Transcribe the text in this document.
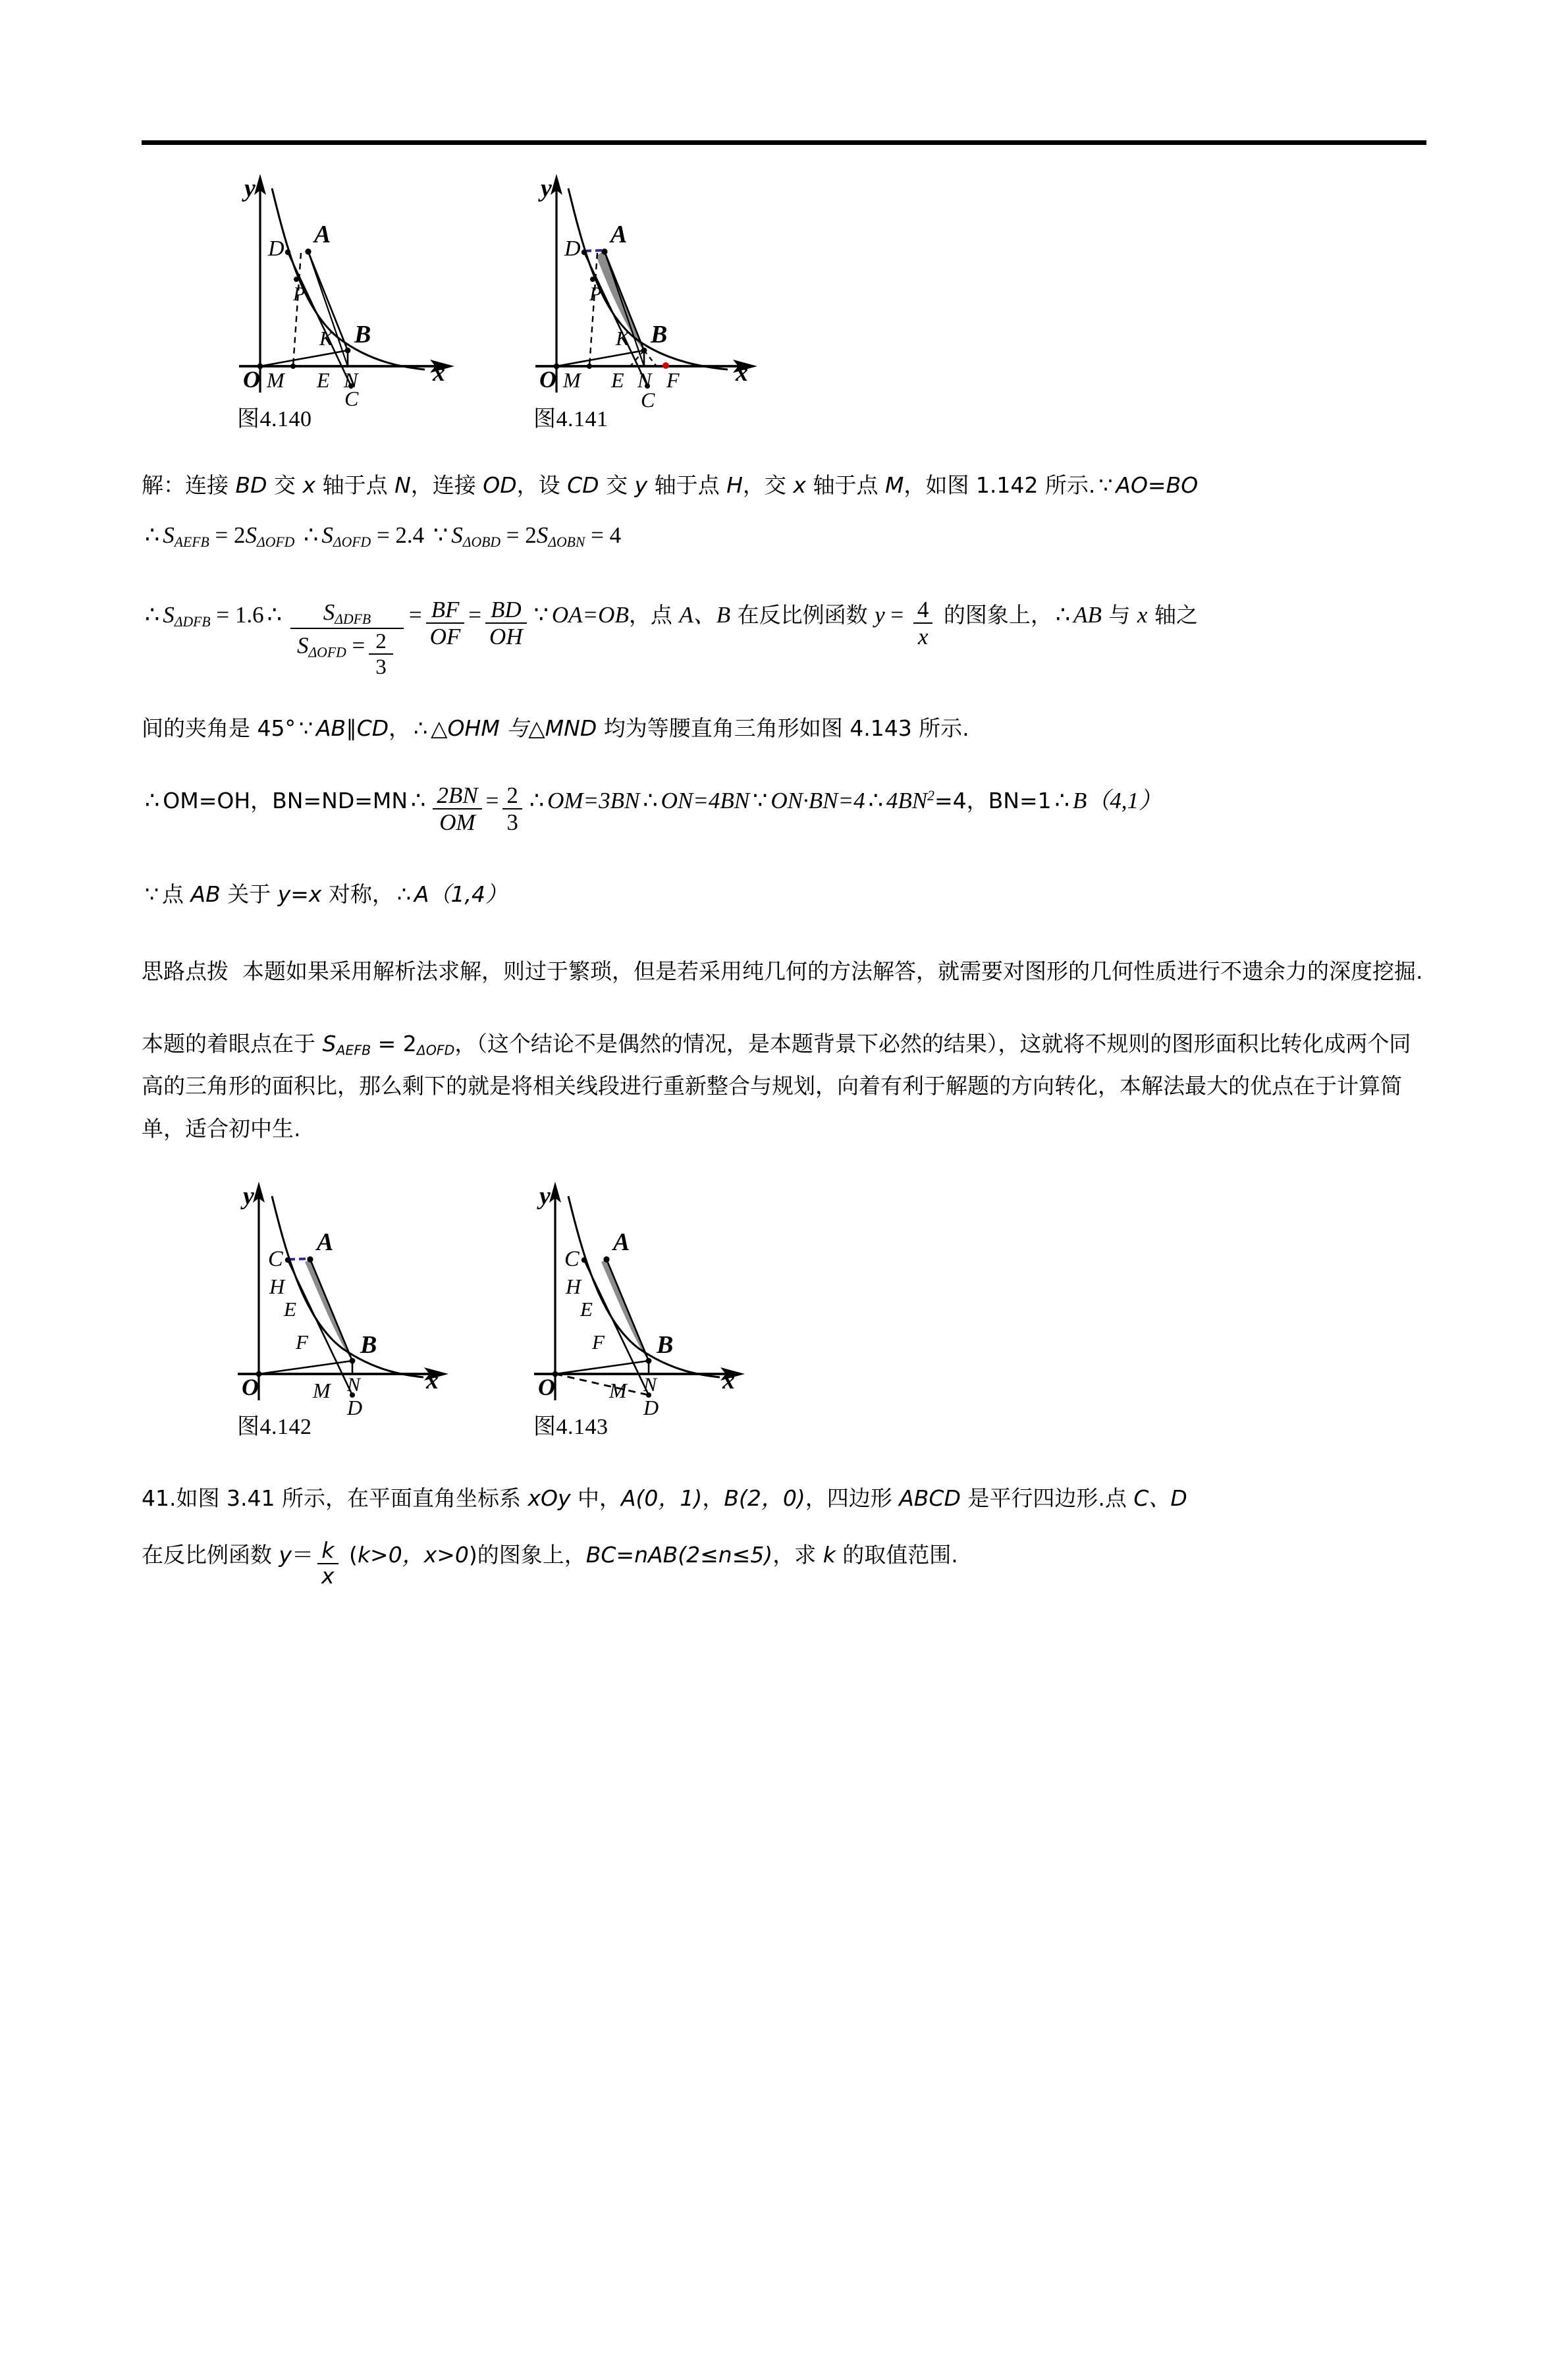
y
x
D
A
P
B
K
O M E N
C
图4.140
y
x
D
A
P
B
K
O M E N F
C
图4.141

解：连接 BD 交 x 轴于点 N，连接 OD，设 CD 交 y 轴于点 H，交 x 轴于点 M，如图 1.142 所示. ∵ AO=BO

∴ $S_{AEFB} = 2S_{\Delta OFD}$ ∴ $S_{\Delta OFD} = 2.4$ ∵ $S_{\Delta OBD} = 2S_{\Delta OBN} = 4$

∴ $S_{\Delta DFB} = 1.6$ ∴ $\frac{S_{\Delta DFB}}{S_{\Delta OFD} = \frac{2}{3}} = \frac{BF}{OF} = \frac{BD}{OH}$ ∵ OA=OB，点 A、B 在反比例函数 $y = \frac{4}{x}$ 的图象上， ∴ AB 与 x 轴之

间的夹角是 45° ∵ AB∥CD， ∴ △OHM 与△MND 均为等腰直角三角形如图 4.143 所示.

∴ OM=OH，BN=ND=MN ∴ $\frac{2BN}{OM} = \frac{2}{3}$ ∴ OM=3BN ∴ ON=4BN ∵ ON·BN=4 ∴ $4BN^2=4$，BN=1 ∴ B（4,1）

∵ 点 AB 关于 y=x 对称， ∴ A（1,4）

思路点拨 本题如果采用解析法求解，则过于繁琐，但是若采用纯几何的方法解答，就需要对图形的几何性质进行不遗余力的深度挖掘.

本题的着眼点在于 $S_{AEFB} = 2_{\Delta OFD}$，（这个结论不是偶然的情况，是本题背景下必然的结果），这就将不规则的图形面积比转化成两个同高的三角形的面积比，那么剩下的就是将相关线段进行重新整合与规划，向着有利于解题的方向转化，本解法最大的优点在于计算简单，适合初中生.

y
x
C
A
H
E
B
F
O	M N
D
图4.142
y
x
C
A
H
E
B
F
O	M N
D
图4.143

41.如图 3.41 所示，在平面直角坐标系 xOy 中，A(0，1)，B(2，0)，四边形 ABCD 是平行四边形.点 C、D

在反比例函数 $y= \frac{k}{x} (k>0$，x>0)的图象上，BC=nAB(2≤n≤5)，求 k 的取值范围.
